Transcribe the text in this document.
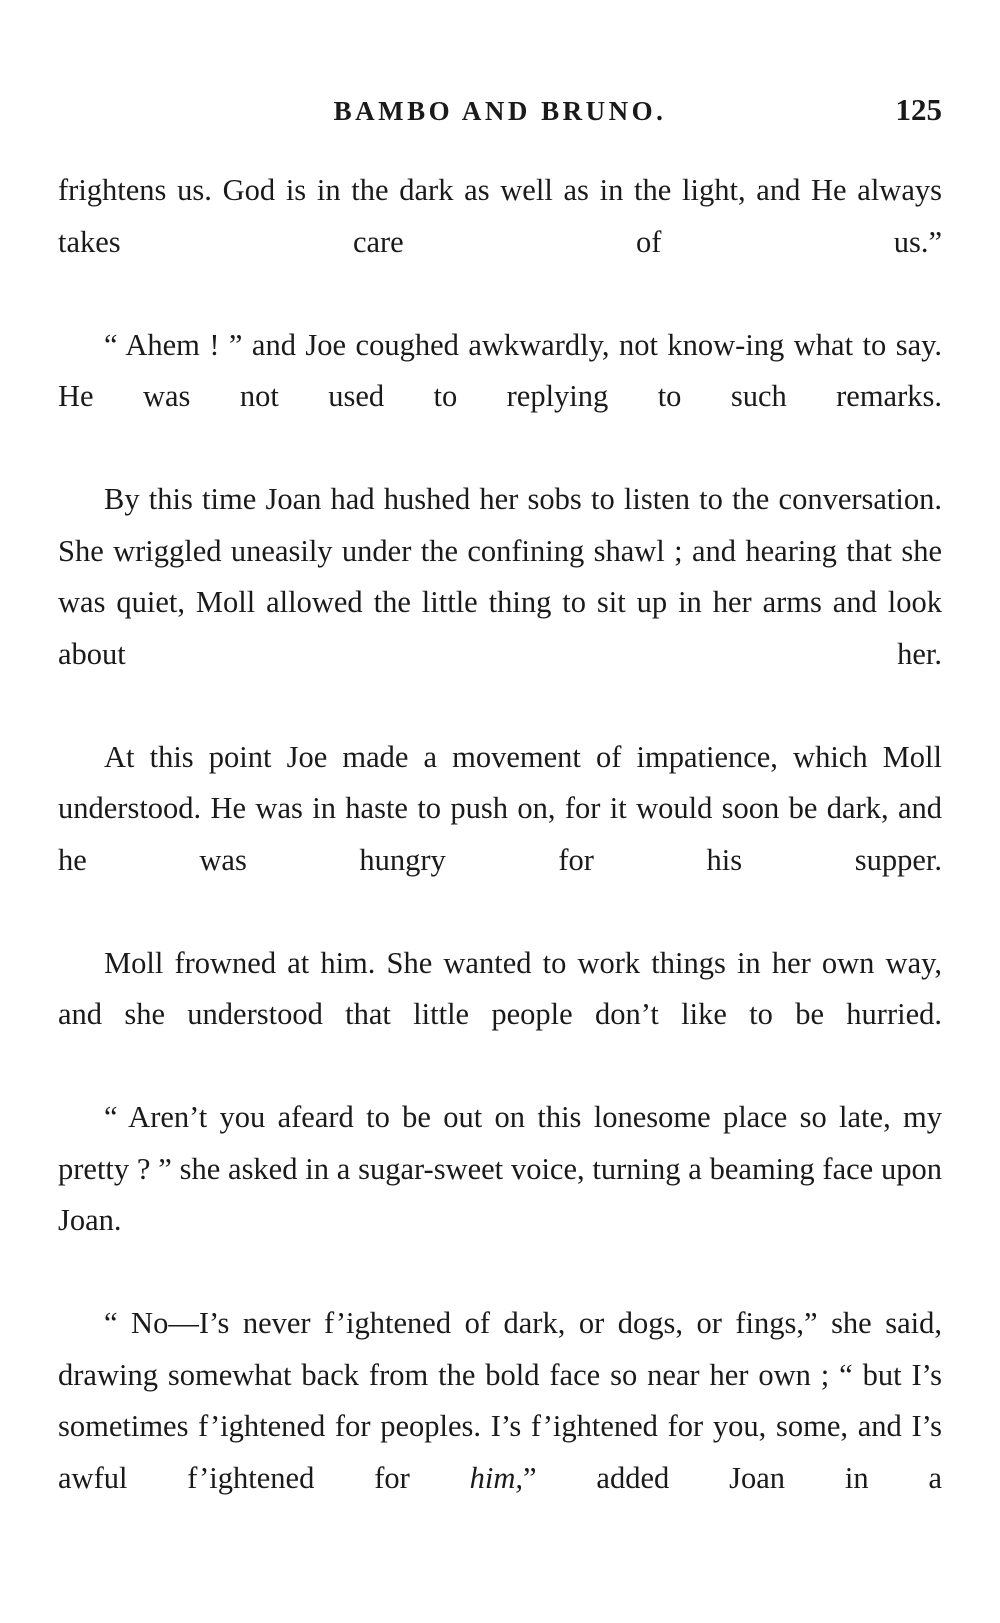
BAMBO AND BRUNO.	125

frightens us. God is in the dark as well as in the light, and He always takes care of us.”

“ Ahem ! ” and Joe coughed awkwardly, not know-ing what to say. He was not used to replying to such remarks.

By this time Joan had hushed her sobs to listen to the conversation. She wriggled uneasily under the confining shawl ; and hearing that she was quiet, Moll allowed the little thing to sit up in her arms and look about her.

At this point Joe made a movement of impatience, which Moll understood. He was in haste to push on, for it would soon be dark, and he was hungry for his supper.

Moll frowned at him. She wanted to work things in her own way, and she understood that little people don’t like to be hurried.

“ Aren’t you afeard to be out on this lonesome place so late, my pretty ? ” she asked in a sugar-sweet voice, turning a beaming face upon Joan.

“ No—I’s never f’ightened of dark, or dogs, or fings,” she said, drawing somewhat back from the bold face so near her own ; “ but I’s sometimes f’ightened for peoples. I’s f’ightened for you, some, and I’s awful f’ightened for him,” added Joan in a
